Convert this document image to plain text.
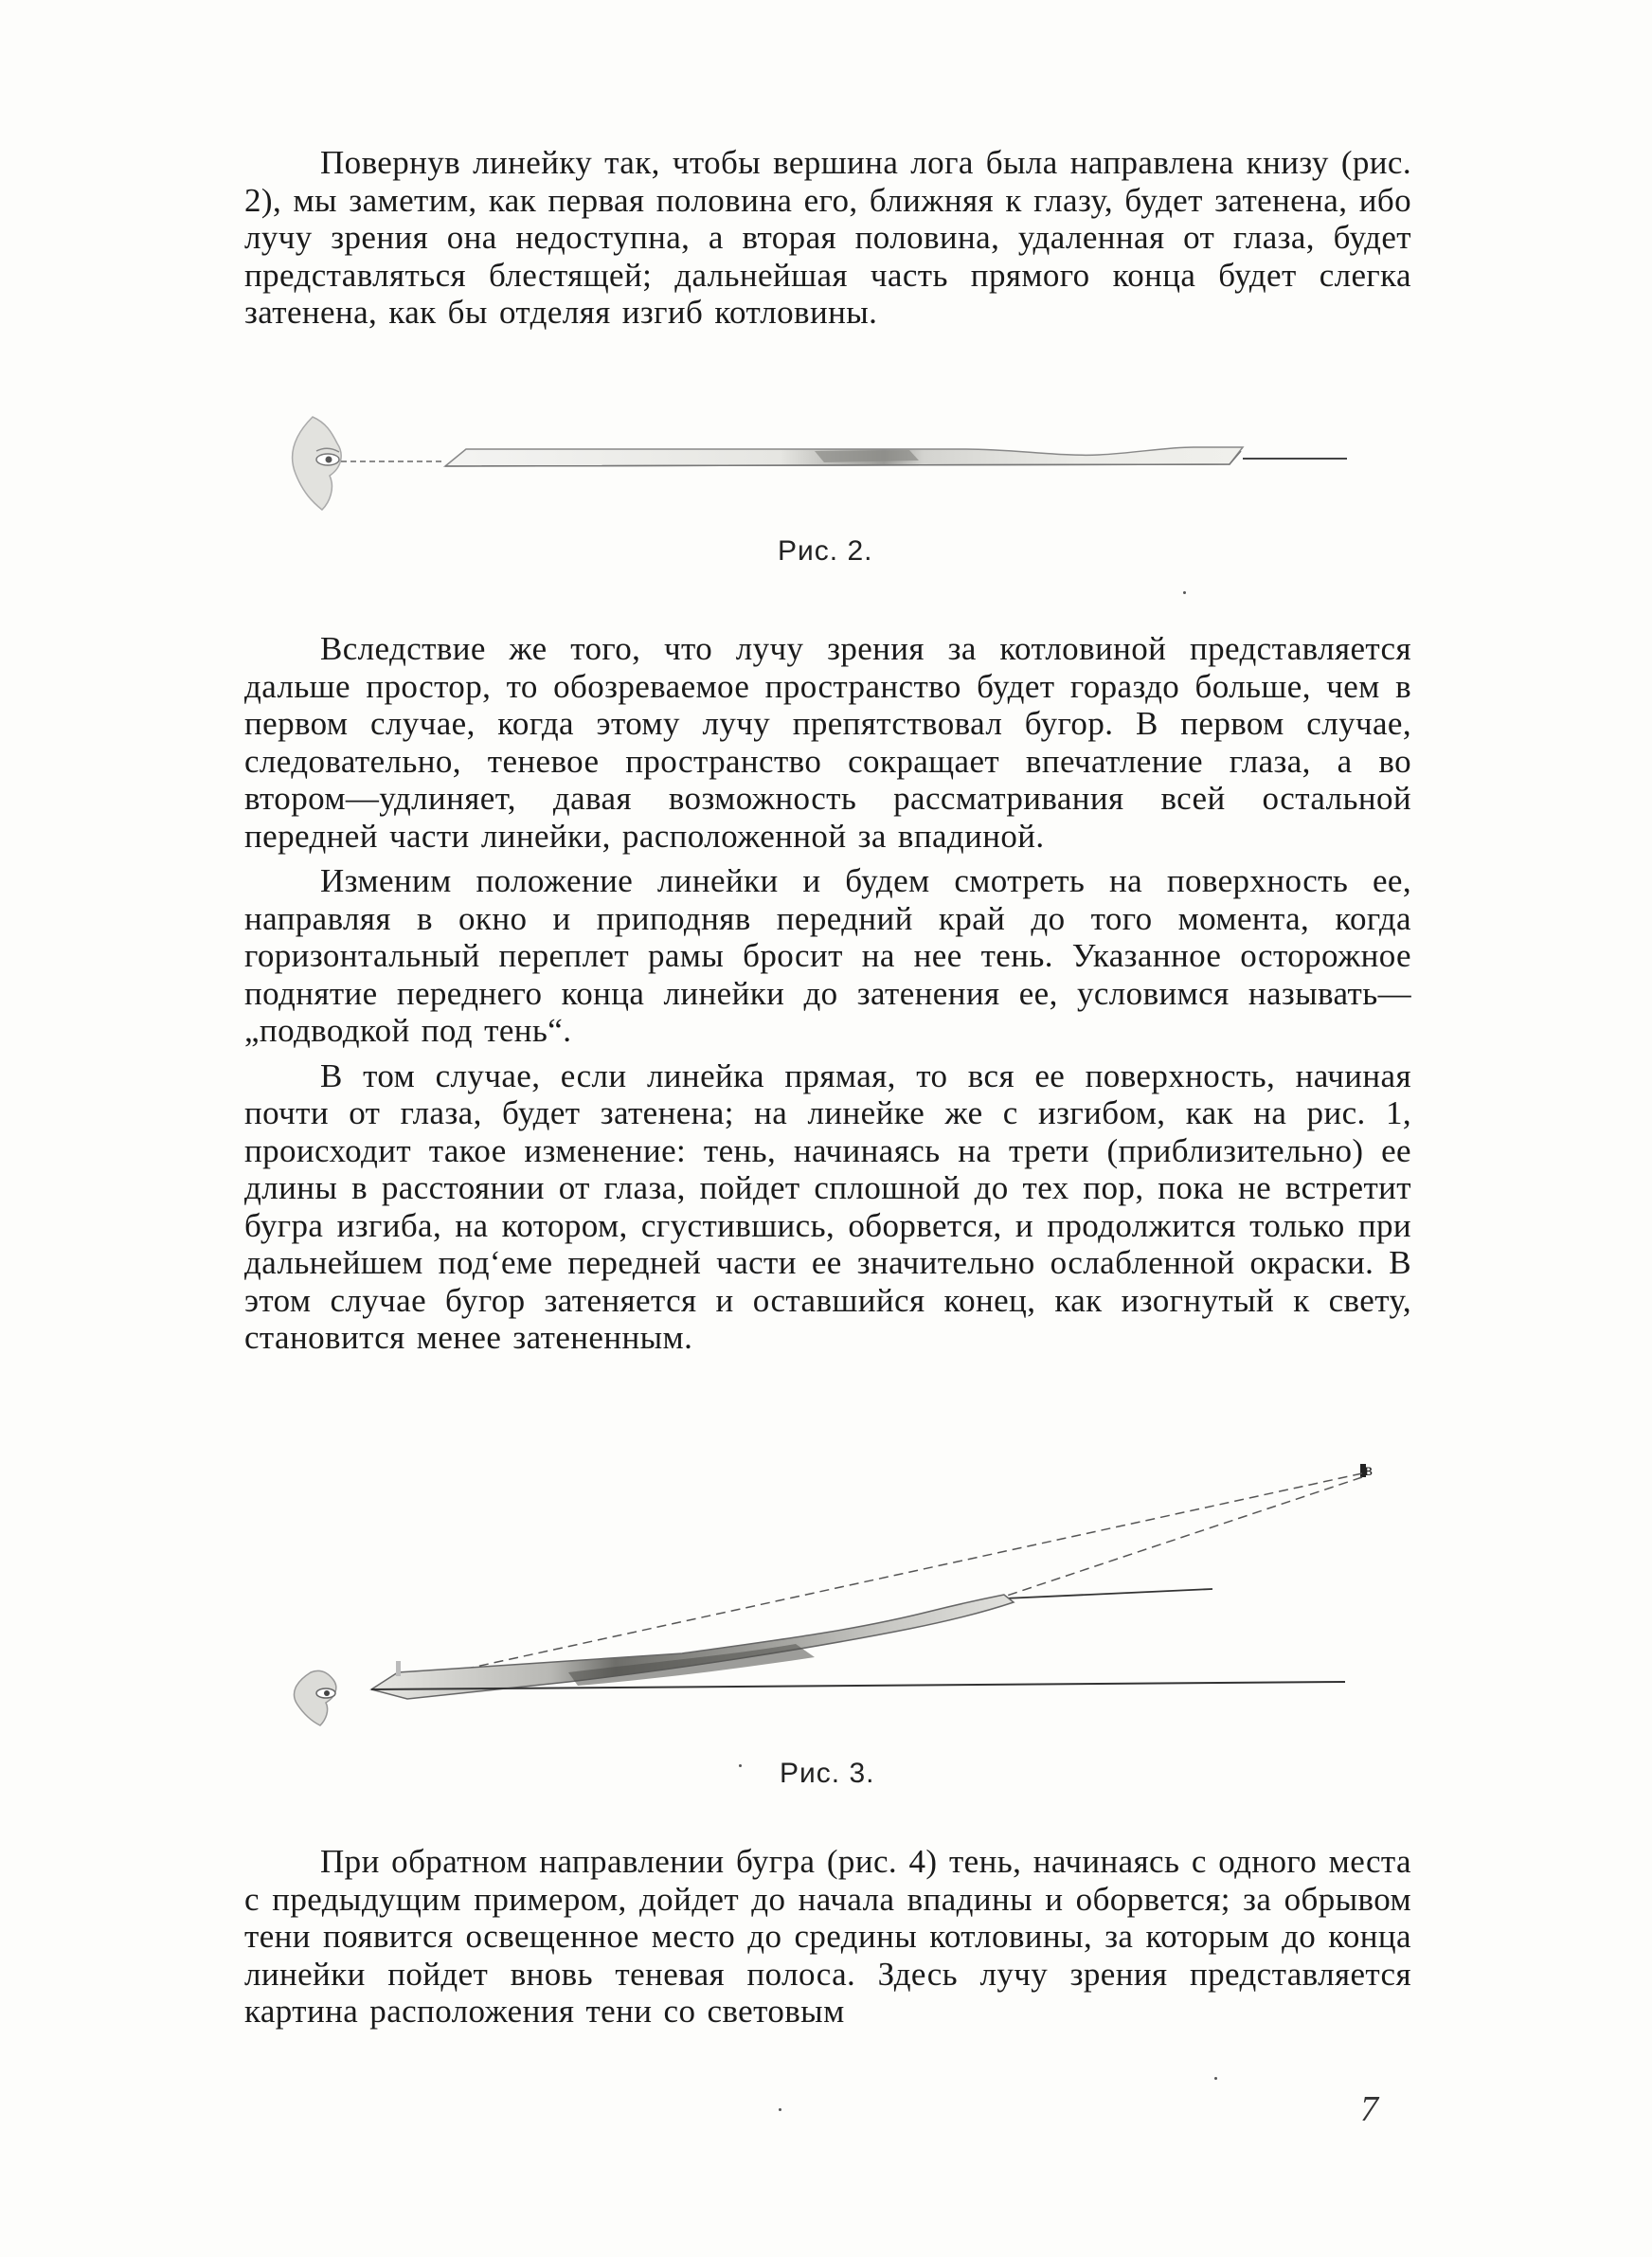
Повернув линейку так, чтобы вершина лога была направлена книзу (рис. 2), мы заметим, как первая половина его, ближняя к глазу, будет затенена, ибо лучу зрения она недоступна, а вторая половина, удаленная от глаза, будет представляться блестящей; дальнейшая часть прямого конца будет слегка затенена, как бы отделяя изгиб котловины.

Рис. 2.

Вследствие же того, что лучу зрения за котловиной представляется дальше простор, то обозреваемое пространство будет гораздо больше, чем в первом случае, когда этому лучу препятствовал бугор. В первом случае, следовательно, теневое пространство сокращает впечатление глаза, а во втором—удлиняет, давая возможность рассматривания всей остальной передней части линейки, расположенной за впадиной.

Изменим положение линейки и будем смотреть на поверхность ее, направляя в окно и приподняв передний край до того момента, когда горизонтальный переплет рамы бросит на нее тень. Указанное осторожное поднятие переднего конца линейки до затенения ее, условимся называть—„подводкой под тень“.

В том случае, если линейка прямая, то вся ее поверхность, начиная почти от глаза, будет затенена; на линейке же с изгибом, как на рис. 1, происходит такое изменение: тень, начинаясь на трети (приблизительно) ее длины в расстоянии от глаза, пойдет сплошной до тех пор, пока не встретит бугра изгиба, на котором, сгустившись, оборвется, и продолжится только при дальнейшем под‘еме передней части ее значительно ослабленной окраски. В этом случае бугор затеняется и оставшийся конец, как изогнутый к свету, становится менее затененным.

в
Рис. 3.

При обратном направлении бугра (рис. 4) тень, начинаясь с одного места с предыдущим примером, дойдет до начала впадины и оборвется; за обрывом тени появится освещенное место до средины котловины, за которым до конца линейки пойдет вновь теневая полоса. Здесь лучу зрения представляется картина расположения тени со световым

7
